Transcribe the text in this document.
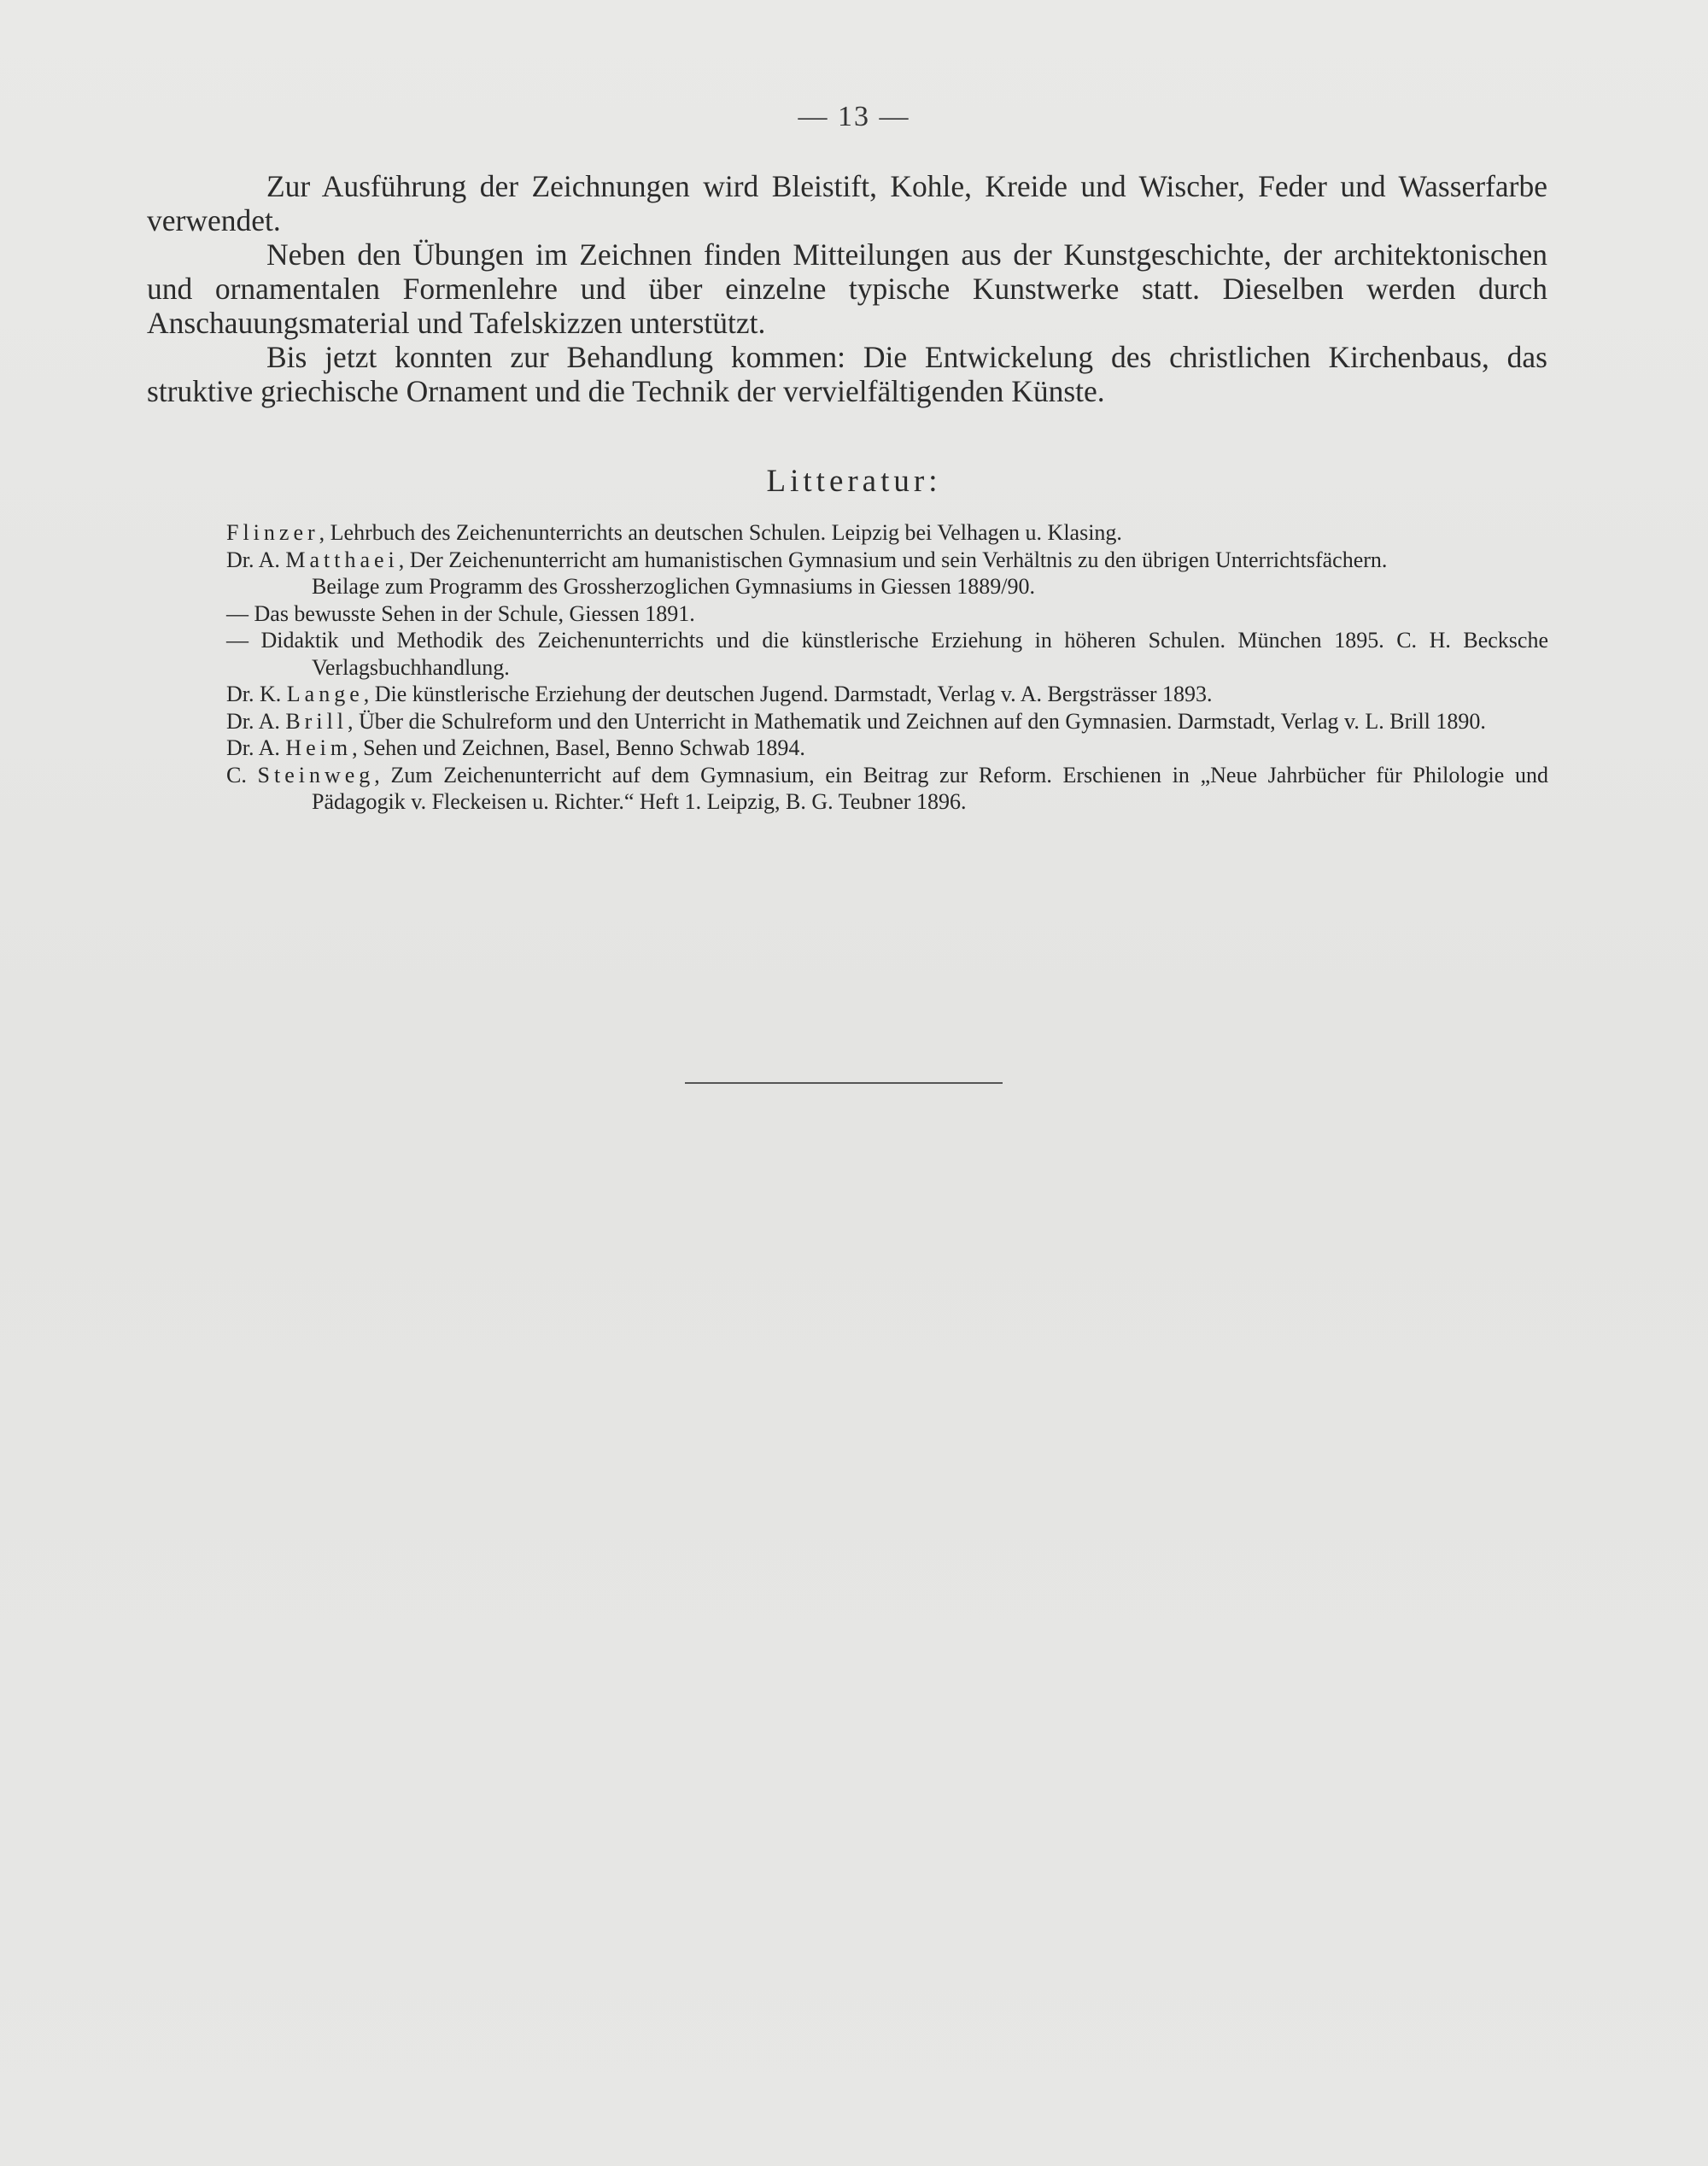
— 13 —

Zur Ausführung der Zeichnungen wird Bleistift, Kohle, Kreide und Wischer, Feder und Wasserfarbe verwendet.

Neben den Übungen im Zeichnen finden Mitteilungen aus der Kunstgeschichte, der architektonischen und ornamentalen Formenlehre und über einzelne typische Kunstwerke statt. Dieselben werden durch Anschauungsmaterial und Tafelskizzen unterstützt.

Bis jetzt konnten zur Behandlung kommen: Die Entwickelung des christlichen Kirchenbaus, das struktive griechische Ornament und die Technik der vervielfältigenden Künste.

Litteratur:
Flinzer, Lehrbuch des Zeichenunterrichts an deutschen Schulen. Leipzig bei Velhagen u. Klasing.
Dr. A. Matthaei, Der Zeichenunterricht am humanistischen Gymnasium und sein Verhältnis zu den übrigen Unterrichtsfächern.
Beilage zum Programm des Grossherzoglichen Gymnasiums in Giessen 1889/90.
— Das bewusste Sehen in der Schule, Giessen 1891.
— Didaktik und Methodik des Zeichenunterrichts und die künstlerische Erziehung in höheren Schulen. München 1895. C. H. Becksche Verlagsbuchhandlung.
Dr. K. Lange, Die künstlerische Erziehung der deutschen Jugend. Darmstadt, Verlag v. A. Bergsträsser 1893.
Dr. A. Brill, Über die Schulreform und den Unterricht in Mathematik und Zeichnen auf den Gymnasien. Darmstadt, Verlag v. L. Brill 1890.
Dr. A. Heim, Sehen und Zeichnen, Basel, Benno Schwab 1894.
C. Steinweg, Zum Zeichenunterricht auf dem Gymnasium, ein Beitrag zur Reform. Erschienen in „Neue Jahrbücher für Philologie und Pädagogik v. Fleckeisen u. Richter.“ Heft 1. Leipzig, B. G. Teubner 1896.
